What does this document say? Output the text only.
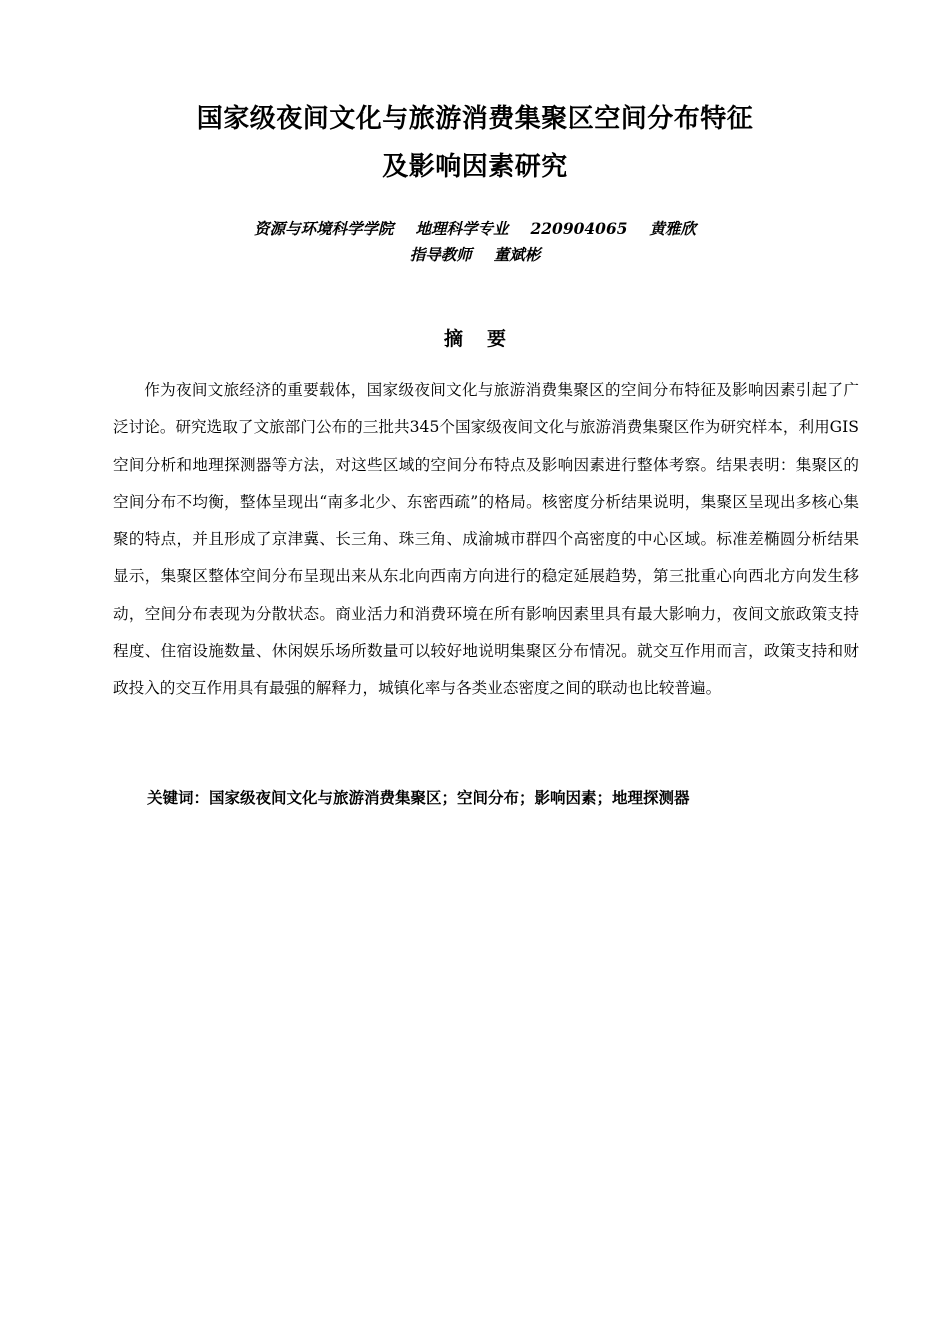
国家级夜间文化与旅游消费集聚区空间分布特征
及影响因素研究
资源与环境科学学院 地理科学专业 220904065 黄雅欣
指导教师 董斌彬
摘要

作为夜间文旅经济的重要载体，国家级夜间文化与旅游消费集聚区的空间分布特征及影响因素引起了广泛讨论。研究选取了文旅部门公布的三批共345个国家级夜间文化与旅游消费集聚区作为研究样本，利用GIS空间分析和地理探测器等方法，对这些区域的空间分布特点及影响因素进行整体考察。结果表明：集聚区的空间分布不均衡，整体呈现出“南多北少、东密西疏”的格局。核密度分析结果说明，集聚区呈现出多核心集聚的特点，并且形成了京津冀、长三角、珠三角、成渝城市群四个高密度的中心区域。标准差椭圆分析结果显示，集聚区整体空间分布呈现出来从东北向西南方向进行的稳定延展趋势，第三批重心向西北方向发生移动，空间分布表现为分散状态。商业活力和消费环境在所有影响因素里具有最大影响力，夜间文旅政策支持程度、住宿设施数量、休闲娱乐场所数量可以较好地说明集聚区分布情况。就交互作用而言，政策支持和财政投入的交互作用具有最强的解释力，城镇化率与各类业态密度之间的联动也比较普遍。

关键词：国家级夜间文化与旅游消费集聚区；空间分布；影响因素；地理探测器
